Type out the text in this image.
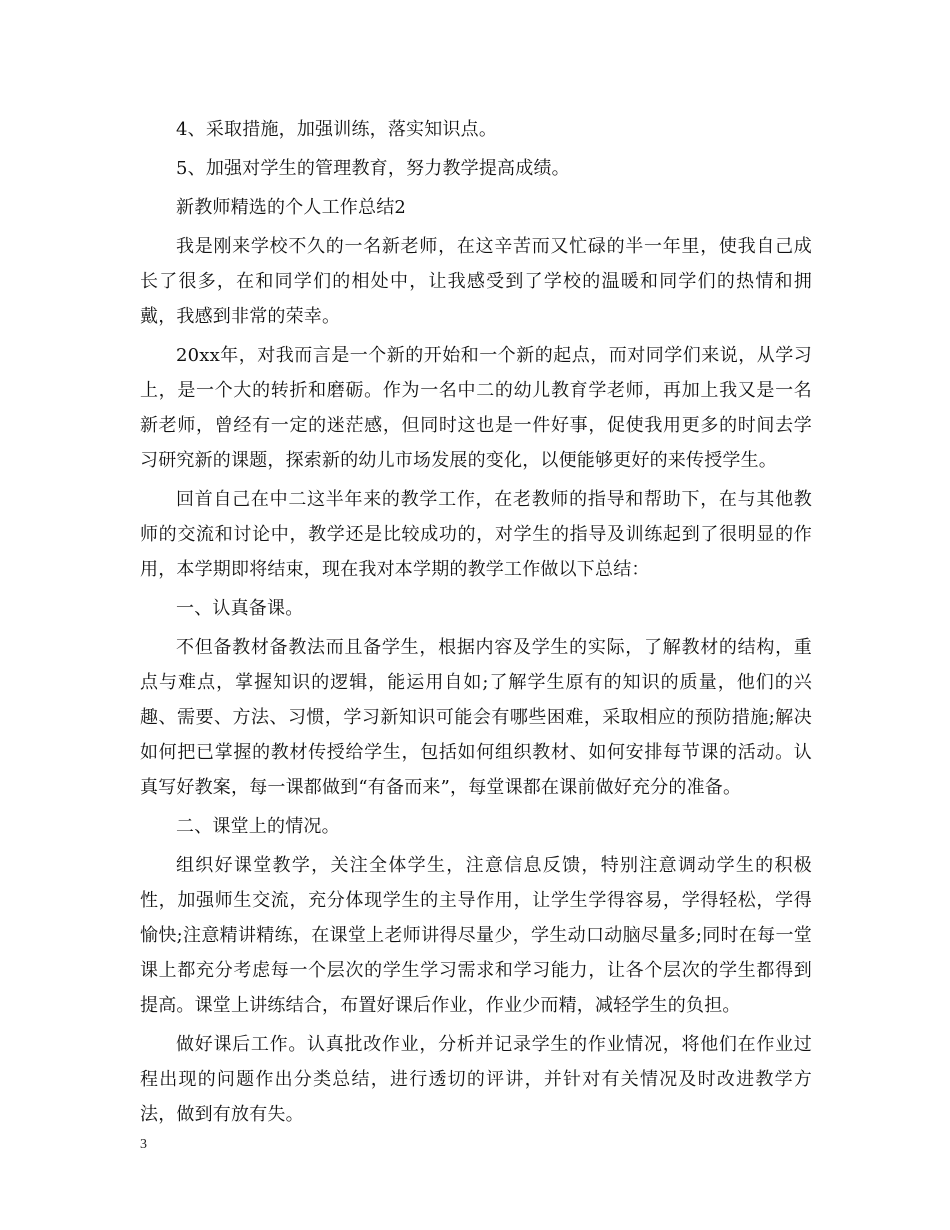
4、采取措施，加强训练，落实知识点。

5、加强对学生的管理教育，努力教学提高成绩。

新教师精选的个人工作总结2

我是刚来学校不久的一名新老师，在这辛苦而又忙碌的半一年里，使我自己成长了很多，在和同学们的相处中，让我感受到了学校的温暖和同学们的热情和拥戴，我感到非常的荣幸。

20xx年，对我而言是一个新的开始和一个新的起点，而对同学们来说，从学习上，是一个大的转折和磨砺。作为一名中二的幼儿教育学老师，再加上我又是一名新老师，曾经有一定的迷茫感，但同时这也是一件好事，促使我用更多的时间去学习研究新的课题，探索新的幼儿市场发展的变化，以便能够更好的来传授学生。

回首自己在中二这半年来的教学工作，在老教师的指导和帮助下，在与其他教师的交流和讨论中，教学还是比较成功的，对学生的指导及训练起到了很明显的作用，本学期即将结束，现在我对本学期的教学工作做以下总结：

一、认真备课。

不但备教材备教法而且备学生，根据内容及学生的实际，了解教材的结构，重点与难点，掌握知识的逻辑，能运用自如;了解学生原有的知识的质量，他们的兴趣、需要、方法、习惯，学习新知识可能会有哪些困难，采取相应的预防措施;解决如何把已掌握的教材传授给学生，包括如何组织教材、如何安排每节课的活动。认真写好教案，每一课都做到“有备而来”，每堂课都在课前做好充分的准备。

二、课堂上的情况。

组织好课堂教学，关注全体学生，注意信息反馈，特别注意调动学生的积极性，加强师生交流，充分体现学生的主导作用，让学生学得容易，学得轻松，学得愉快;注意精讲精练，在课堂上老师讲得尽量少，学生动口动脑尽量多;同时在每一堂课上都充分考虑每一个层次的学生学习需求和学习能力，让各个层次的学生都得到提高。课堂上讲练结合，布置好课后作业，作业少而精，减轻学生的负担。

做好课后工作。认真批改作业，分析并记录学生的作业情况，将他们在作业过程出现的问题作出分类总结，进行透切的评讲，并针对有关情况及时改进教学方法，做到有放有失。

3
